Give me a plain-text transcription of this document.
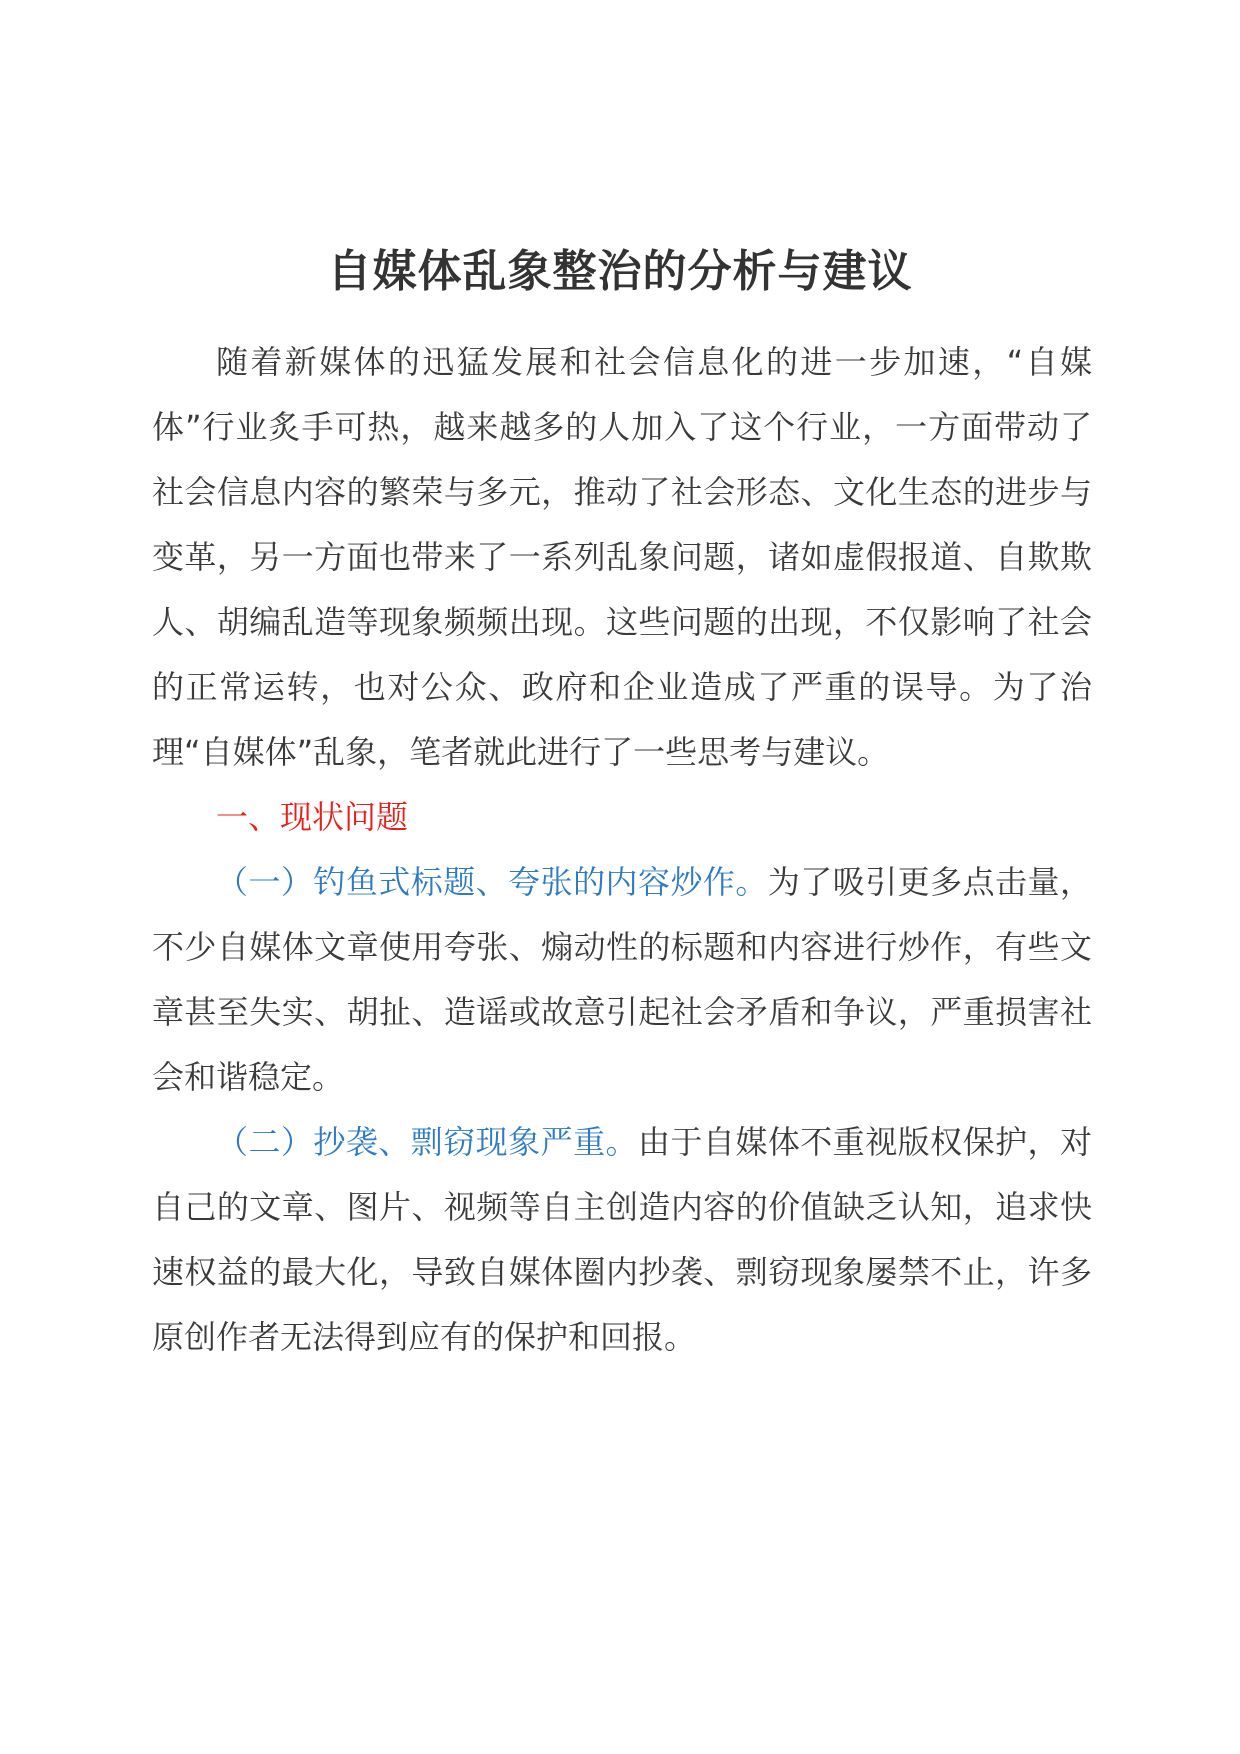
自媒体乱象整治的分析与建议

随着新媒体的迅猛发展和社会信息化的进一步加速，“自媒体”行业炙手可热，越来越多的人加入了这个行业，一方面带动了社会信息内容的繁荣与多元，推动了社会形态、文化生态的进步与变革，另一方面也带来了一系列乱象问题，诸如虚假报道、自欺欺人、胡编乱造等现象频频出现。这些问题的出现，不仅影响了社会的正常运转，也对公众、政府和企业造成了严重的误导。为了治理“自媒体”乱象，笔者就此进行了一些思考与建议。

一、现状问题

（一）钓鱼式标题、夸张的内容炒作。为了吸引更多点击量，不少自媒体文章使用夸张、煽动性的标题和内容进行炒作，有些文章甚至失实、胡扯、造谣或故意引起社会矛盾和争议，严重损害社会和谐稳定。

（二）抄袭、剽窃现象严重。由于自媒体不重视版权保护，对自己的文章、图片、视频等自主创造内容的价值缺乏认知，追求快速权益的最大化，导致自媒体圈内抄袭、剽窃现象屡禁不止，许多原创作者无法得到应有的保护和回报。
